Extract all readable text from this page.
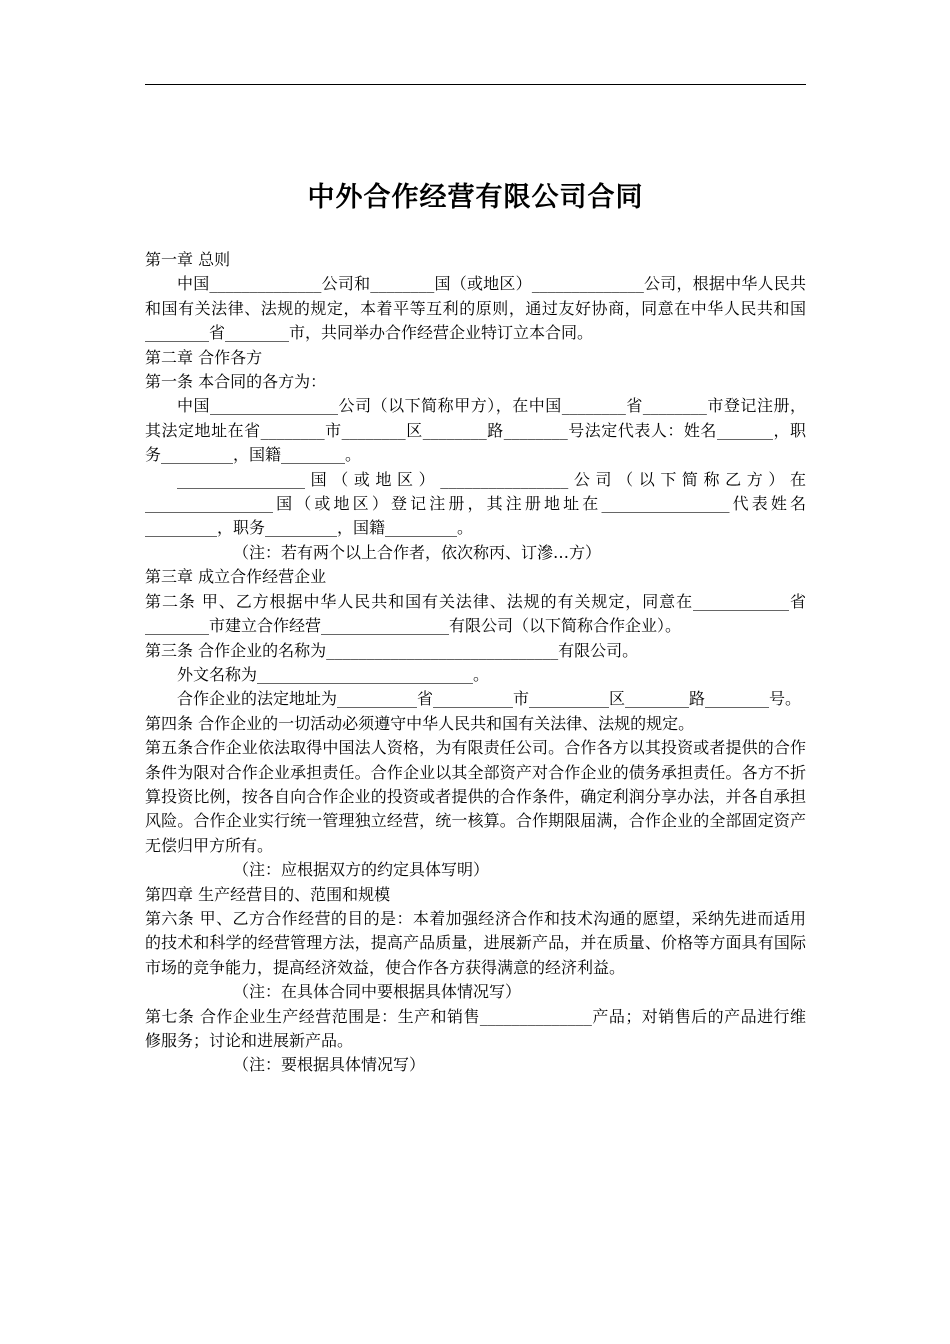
中外合作经营有限公司合同

第一章 总则

中国______________公司和________国（或地区）______________公司，根据中华人民共和国有关法律、法规的规定，本着平等互利的原则，通过友好协商，同意在中华人民共和国________省________市，共同举办合作经营企业特订立本合同。

第二章 合作各方

第一条 本合同的各方为：

中国________________公司（以下简称甲方），在中国________省________市登记注册，其法定地址在省________市________区________路________号法定代表人：姓名_______，职务_________，国籍________。

________________国（或地区）________________公司（以下简称乙方）在________________国（或地区）登记注册，其注册地址在________________代表姓名_________，职务_________，国籍_________。

（注：若有两个以上合作者，依次称丙、订滲…方）

第三章 成立合作经营企业

第二条 甲、乙方根据中华人民共和国有关法律、法规的有关规定，同意在____________省________市建立合作经营________________有限公司（以下简称合作企业）。

第三条 合作企业的名称为_____________________________有限公司。

外文名称为___________________________。

合作企业的法定地址为__________省__________市__________区________路________号。

第四条 合作企业的一切活动必须遵守中华人民共和国有关法律、法规的规定。

第五条合作企业依法取得中国法人资格，为有限责任公司。合作各方以其投资或者提供的合作条件为限对合作企业承担责任。合作企业以其全部资产对合作企业的债务承担责任。各方不折算投资比例，按各自向合作企业的投资或者提供的合作条件，确定利润分享办法，并各自承担风险。合作企业实行统一管理独立经营，统一核算。合作期限届满，合作企业的全部固定资产无偿归甲方所有。

（注：应根据双方的约定具体写明）

第四章 生产经营目的、范围和规模

第六条 甲、乙方合作经营的目的是：本着加强经济合作和技术沟通的愿望，采纳先进而适用的技术和科学的经营管理方法，提高产品质量，进展新产品，并在质量、价格等方面具有国际市场的竞争能力，提高经济效益，使合作各方获得满意的经济利益。

（注：在具体合同中要根据具体情况写）

第七条 合作企业生产经营范围是：生产和销售______________产品；对销售后的产品进行维修服务；讨论和进展新产品。

（注：要根据具体情况写）
